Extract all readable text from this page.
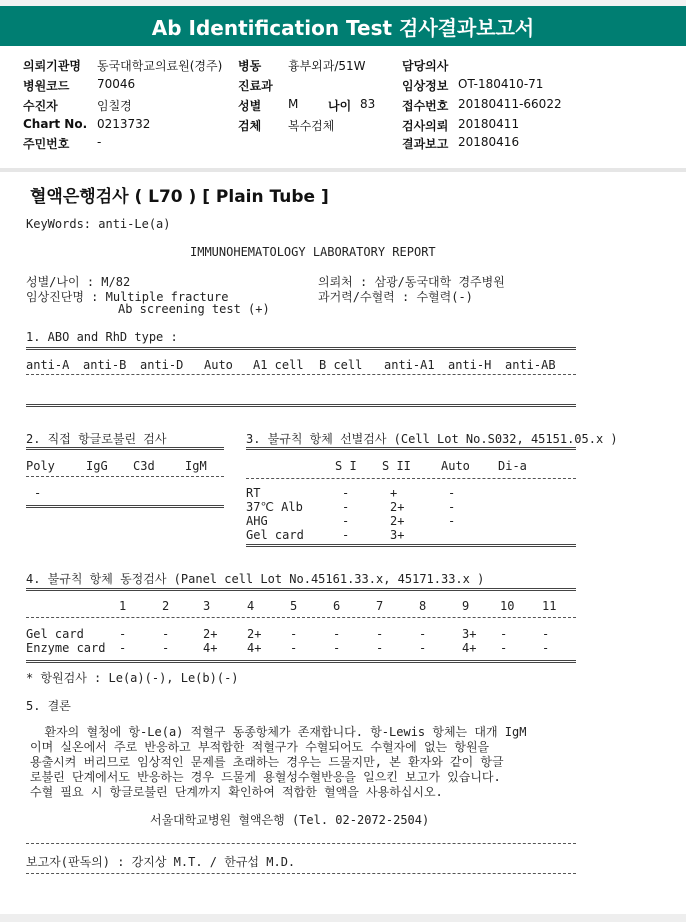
Ab Identification Test 검사결과보고서
의뢰기관명 동국대학교의료원(경주) 병동 흉부외과/51W	담당의사
병원코드 70046	진료과	임상정보 OT-180410-71
수진자	임칠경	성별 M 나이 83 접수번호 20180411-66022
Chart No. 0213732	검체 복수검체	검사의뢰 20180411
주민번호 -	결과보고 20180416
혈액은행검사 ( L70 ) [ Plain Tube ]
KeyWords: anti-Le(a)
IMMUNOHEMATOLOGY LABORATORY REPORT
성별/나이 : M/82	의뢰처 : 삼광/동국대학 경주병원
임상진단명 : Multiple fracture	과거력/수혈력 : 수혈력(-)
Ab screening test (+)
1. ABO and RhD type :
anti-A anti-B anti-D Auto A1 cell B cell anti-A1 anti-H anti-AB
2. 직접 항글로불린 검사
Poly	IgG C3d	IgM
-
3. 불규칙 항체 선별검사 (Cell Lot No.S032, 45151.05.x )
S I S II	Auto Di-a
RT	-	+	-
37℃ Alb	-	2+	-
AHG	-	2+	-
Gel card	-	3+
4. 불규칙 항체 동정검사 (Panel cell Lot No.45161.33.x, 45171.33.x )
1	2	3	4	5	6	7	8	9	10 11
Gel card	-	-	2+ 2+ -	-	-	-	3+ -	-
Enzyme card -	-	4+ 4+ -	-	-	-	4+ -	-
* 항원검사 : Le(a)(-), Le(b)(-)
5. 결론
환자의 혈청에 항-Le(a) 적혈구 동종항체가 존재합니다. 항-Lewis 항체는 대개 IgM
이며 실온에서 주로 반응하고 부적합한 적혈구가 수혈되어도 수혈자에 없는 항원을
용출시켜 버리므로 임상적인 문제를 초래하는 경우는 드물지만, 본 환자와 같이 항글
로불린 단계에서도 반응하는 경우 드물게 용혈성수혈반응을 일으킨 보고가 있습니다.
수혈 필요 시 항글로불린 단계까지 확인하여 적합한 혈액을 사용하십시오.
서울대학교병원 혈액은행 (Tel. 02-2072-2504)
보고자(판독의) : 강지상 M.T. / 한규섭 M.D.
